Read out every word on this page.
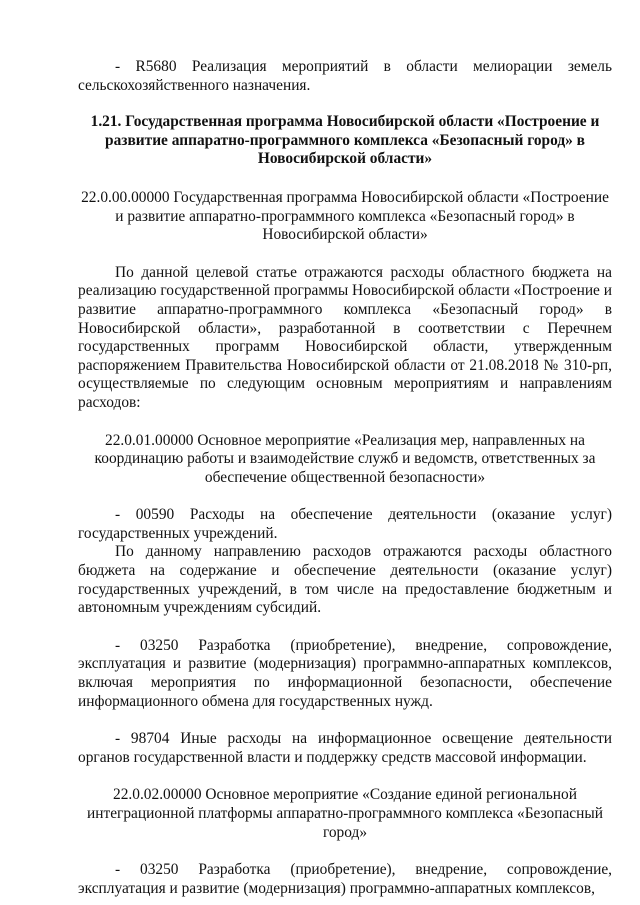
- R5680 Реализация мероприятий в области мелиорации земель сельскохозяйственного назначения.

1.21. Государственная программа Новосибирской области «Построение и развитие аппаратно-программного комплекса «Безопасный город» в Новосибирской области»

22.0.00.00000 Государственная программа Новосибирской области «Построение и развитие аппаратно-программного комплекса «Безопасный город» в Новосибирской области»

По данной целевой статье отражаются расходы областного бюджета на реализацию государственной программы Новосибирской области «Построение и развитие аппаратно-программного комплекса «Безопасный город» в Новосибирской области», разработанной в соответствии с Перечнем государственных программ Новосибирской области, утвержденным распоряжением Правительства Новосибирской области от 21.08.2018 № 310-рп, осуществляемые по следующим основным мероприятиям и направлениям расходов:

22.0.01.00000 Основное мероприятие «Реализация мер, направленных на координацию работы и взаимодействие служб и ведомств, ответственных за обеспечение общественной безопасности»

- 00590 Расходы на обеспечение деятельности (оказание услуг) государственных учреждений.

По данному направлению расходов отражаются расходы областного бюджета на содержание и обеспечение деятельности (оказание услуг) государственных учреждений, в том числе на предоставление бюджетным и автономным учреждениям субсидий.

- 03250 Разработка (приобретение), внедрение, сопровождение, эксплуатация и развитие (модернизация) программно-аппаратных комплексов, включая мероприятия по информационной безопасности, обеспечение информационного обмена для государственных нужд.

- 98704 Иные расходы на информационное освещение деятельности органов государственной власти и поддержку средств массовой информации.

22.0.02.00000 Основное мероприятие «Создание единой региональной интеграционной платформы аппаратно-программного комплекса «Безопасный город»

- 03250 Разработка (приобретение), внедрение, сопровождение, эксплуатация и развитие (модернизация) программно-аппаратных комплексов,
